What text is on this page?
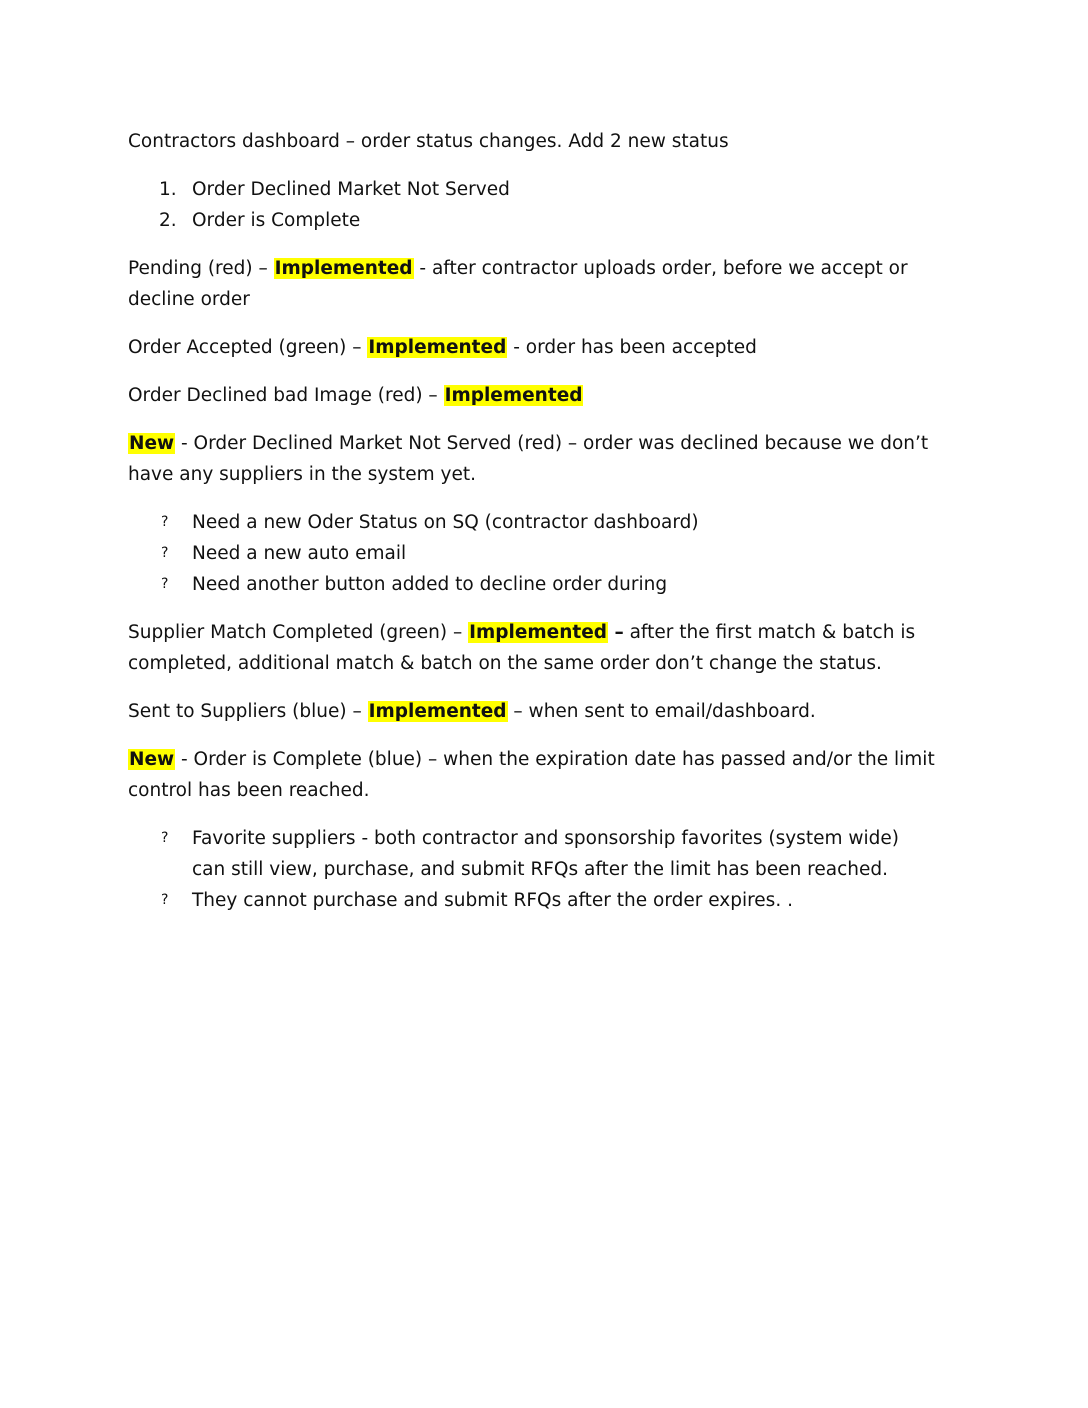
Contractors dashboard – order status changes. Add 2 new status

1. Order Declined Market Not Served
2. Order is Complete

Pending (red) – Implemented - after contractor uploads order, before we accept or decline order

Order Accepted (green) – Implemented - order has been accepted

Order Declined bad Image (red) – Implemented

New - Order Declined Market Not Served (red) – order was declined because we don’t have any suppliers in the system yet.

? Need a new Oder Status on SQ (contractor dashboard)
? Need a new auto email
? Need another button added to decline order during

Supplier Match Completed (green) – Implemented – after the first match & batch is completed, additional match & batch on the same order don’t change the status.

Sent to Suppliers (blue) – Implemented – when sent to email/dashboard.

New - Order is Complete (blue) – when the expiration date has passed and/or the limit control has been reached.

? Favorite suppliers - both contractor and sponsorship favorites (system wide) can still view, purchase, and submit RFQs after the limit has been reached.
? They cannot purchase and submit RFQs after the order expires. .
